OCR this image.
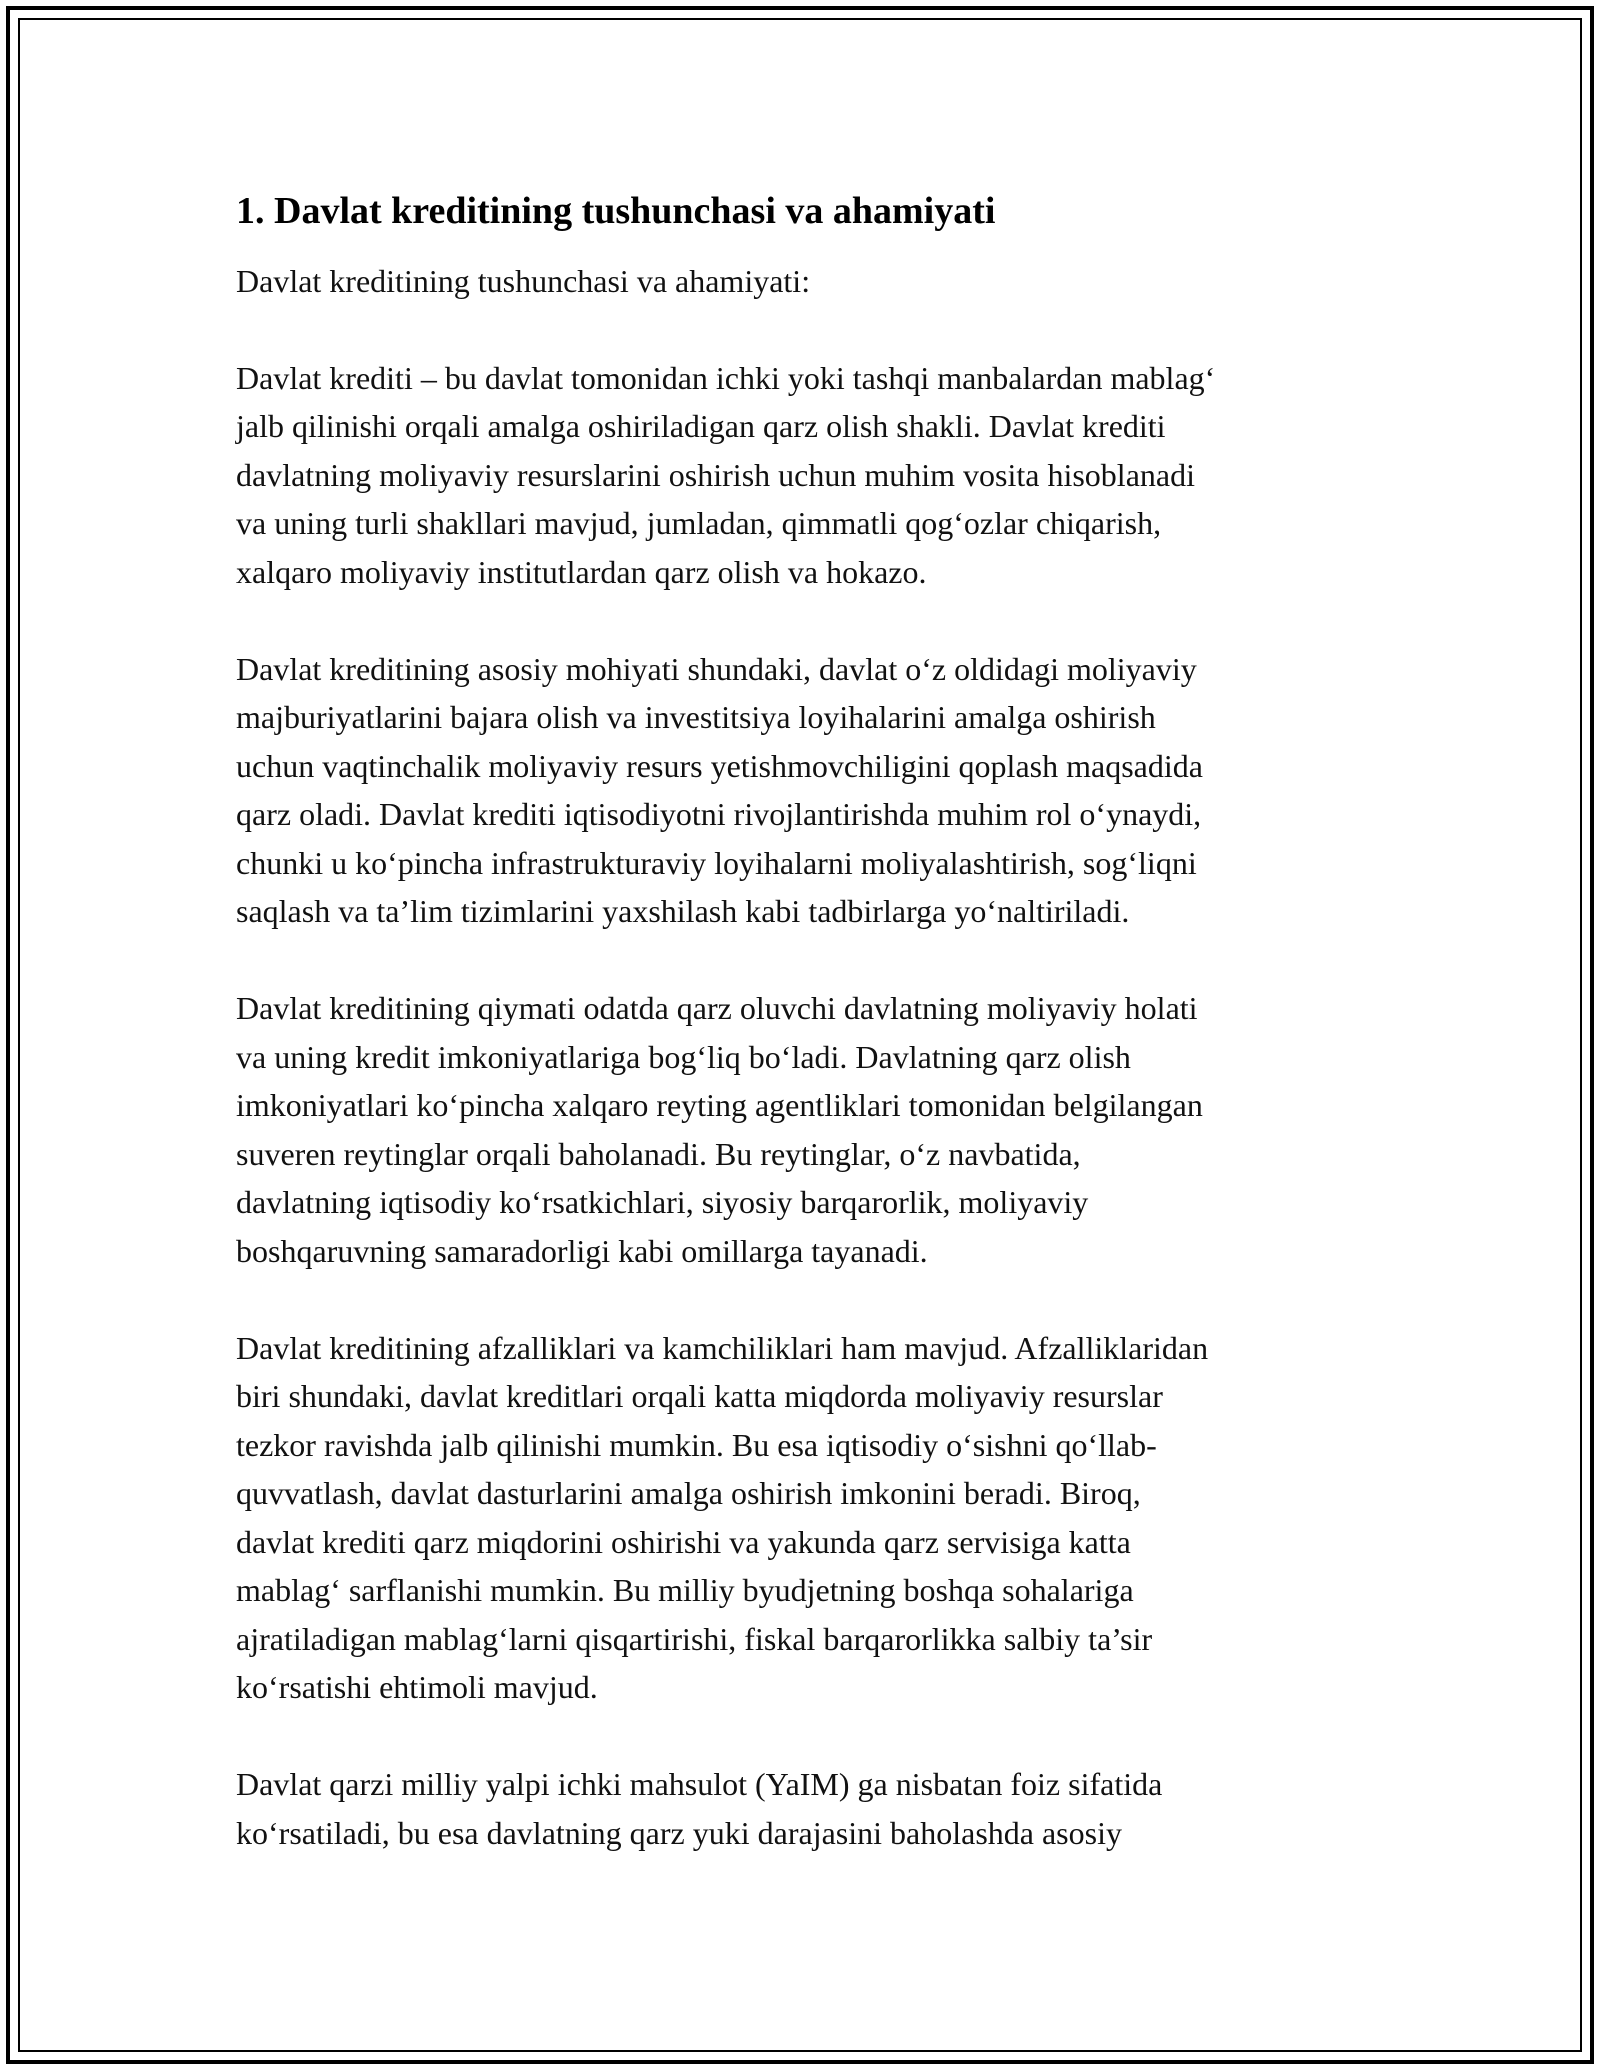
1. Davlat kreditining tushunchasi va ahamiyati

Davlat kreditining tushunchasi va ahamiyati:

Davlat krediti – bu davlat tomonidan ichki yoki tashqi manbalardan mablag‘
jalb qilinishi orqali amalga oshiriladigan qarz olish shakli. Davlat krediti
davlatning moliyaviy resurslarini oshirish uchun muhim vosita hisoblanadi
va uning turli shakllari mavjud, jumladan, qimmatli qog‘ozlar chiqarish,
xalqaro moliyaviy institutlardan qarz olish va hokazo.

Davlat kreditining asosiy mohiyati shundaki, davlat o‘z oldidagi moliyaviy
majburiyatlarini bajara olish va investitsiya loyihalarini amalga oshirish
uchun vaqtinchalik moliyaviy resurs yetishmovchiligini qoplash maqsadida
qarz oladi. Davlat krediti iqtisodiyotni rivojlantirishda muhim rol o‘ynaydi,
chunki u ko‘pincha infrastrukturaviy loyihalarni moliyalashtirish, sog‘liqni
saqlash va ta’lim tizimlarini yaxshilash kabi tadbirlarga yo‘naltiriladi.

Davlat kreditining qiymati odatda qarz oluvchi davlatning moliyaviy holati
va uning kredit imkoniyatlariga bog‘liq bo‘ladi. Davlatning qarz olish
imkoniyatlari ko‘pincha xalqaro reyting agentliklari tomonidan belgilangan
suveren reytinglar orqali baholanadi. Bu reytinglar, o‘z navbatida,
davlatning iqtisodiy ko‘rsatkichlari, siyosiy barqarorlik, moliyaviy
boshqaruvning samaradorligi kabi omillarga tayanadi.

Davlat kreditining afzalliklari va kamchiliklari ham mavjud. Afzalliklaridan
biri shundaki, davlat kreditlari orqali katta miqdorda moliyaviy resurslar
tezkor ravishda jalb qilinishi mumkin. Bu esa iqtisodiy o‘sishni qo‘llab-
quvvatlash, davlat dasturlarini amalga oshirish imkonini beradi. Biroq,
davlat krediti qarz miqdorini oshirishi va yakunda qarz servisiga katta
mablag‘ sarflanishi mumkin. Bu milliy byudjetning boshqa sohalariga
ajratiladigan mablag‘larni qisqartirishi, fiskal barqarorlikka salbiy ta’sir
ko‘rsatishi ehtimoli mavjud.

Davlat qarzi milliy yalpi ichki mahsulot (YaIM) ga nisbatan foiz sifatida
ko‘rsatiladi, bu esa davlatning qarz yuki darajasini baholashda asosiy
